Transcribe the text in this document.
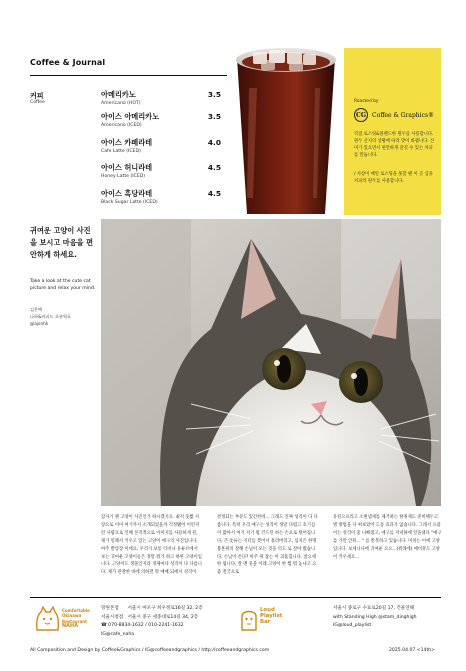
Coffee & Journal
커피
Coffee
아메리카노
Americano (HOT)
3.5
아이스 아메리카노
Americano (ICED)
3.5
아이스 카페라테
Cafe Latte (ICED)
4.0
아이스 허니라테
Honey Latte (ICED)
4.5
아이스 흑당라테
Black Sugar Latte (ICED)
4.5
Roasted by
CG Coffee & Graphics®
직접 로스팅&블렌드한 원두를 사용합니다. 원두 산지의 상황에 따라 맛이 바뀝니다. 산미가 있으면서 편안하게 즐길 수 있는 커피를 만듭니다.
/ 사장이 매일 로스팅을 못할 땐 이 곳 심플커피의 원두를 사용합니다.
귀여운 고양이 사진을 보시고 마음을 편안하게 하세요.
Take a look at the cute cat picture and relax your mind.
김은택
나하&커피드 초롱역포
@ajonhk
갑자기 왠 고양이 사진인가 하시겠지요. 최저 웃짧 사장으로 이미 여기까지 소개되었을까 걱정됐어 이런저런 사람으로 인해 본격적으로 이미지를 사용하게 된, 제가 밀폐서 키우고 있는 고양이 애구의 사진입니다. 아주 발랑장 이에요, 우리가 보통 티비나 유튜브에서 보는 귀여운 고양이들은 정말 뭐가 하고 하한 고양이입니다. 고양이도 생물인지라 개체마다 성격이 다 다릅니다. 제가 관찰한 바에 의하면 딱 애매 되애서 성격이
결정되는 부분도 있긴한데... 그래도 진짜 성격이 다 다릅니다. 특히 우리 애구는 성격이 정말 다렵고 호기심이 많아서 여기 저기 뭘 건드린 하는 손으로 털어집니다, 큰 옷류는 지터를 찢어서 흘려버리고, 심지은 한명 붕혼위의 잘해 손님이 모는 것을 의도 로 살아 왔습니다. 손님이 온다? 아주 위 잡는 이 괴롭힙니다. 참으세한 됩니다. 잘 맨 웃을 이레 고양이 한 찜 뭐 놓냐고 요즘 전국으로
유된으프리고 소변냄새를 제거하는 탈취제도 준비해두고 별 방법을 다 써보았어 도통 효과가 없습니다. 그래서 요즘 이는 성격이 좋 나빠졌고, 애구를 저녁하에 알을대다 "애구를 가만 안둬... " 를 반복하고 있습니다. 미치는 이에 고양입니다. 보세니나에 귀여운 요요...(뭐래에) 애비뮤도 고양이 키우세요...
Comfortable
Okinawa
Restaurant
NAHA
망원본점 서울시 마포구 희우정로16길 32, 2층
서울시청점 서울시 중구 세종대로14길 34, 2층
☎ 070-8834-1632 / 010-2241-1632
IG@cafe_naha
Loud
Playlist
Bar
서울시 종로구 수표로20길 17, 건물연해
with Standing High @stam_dinghigh
IG@loud_playlist
All Composition and Design by Coffee&Graphics / IG@coffeeandgraphics / http://coffeeandgraphics.com	2025.04.07 <14th>
